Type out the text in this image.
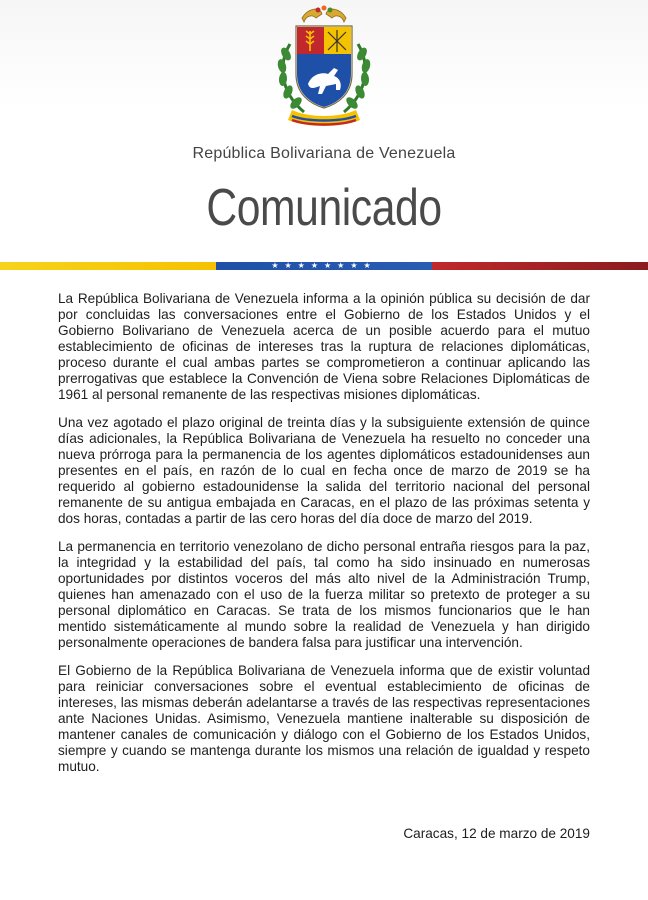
República Bolivariana de Venezuela
Comunicado
★★★★★★★★

La República Bolivariana de Venezuela informa a la opinión pública su decisión de dar por concluidas las conversaciones entre el Gobierno de los Estados Unidos y el Gobierno Bolivariano de Venezuela acerca de un posible acuerdo para el mutuo establecimiento de oficinas de intereses tras la ruptura de relaciones diplomáticas, proceso durante el cual ambas partes se comprometieron a continuar aplicando las prerrogativas que establece la Convención de Viena sobre Relaciones Diplomáticas de 1961 al personal remanente de las respectivas misiones diplomáticas.

Una vez agotado el plazo original de treinta días y la subsiguiente extensión de quince días adicionales, la República Bolivariana de Venezuela ha resuelto no conceder una nueva prórroga para la permanencia de los agentes diplomáticos estadounidenses aun presentes en el país, en razón de lo cual en fecha once de marzo de 2019 se ha requerido al gobierno estadounidense la salida del territorio nacional del personal remanente de su antigua embajada en Caracas, en el plazo de las próximas setenta y dos horas, contadas a partir de las cero horas del día doce de marzo del 2019.

La permanencia en territorio venezolano de dicho personal entraña riesgos para la paz, la integridad y la estabilidad del país, tal como ha sido insinuado en numerosas oportunidades por distintos voceros del más alto nivel de la Administración Trump, quienes han amenazado con el uso de la fuerza militar so pretexto de proteger a su personal diplomático en Caracas. Se trata de los mismos funcionarios que le han mentido sistemáticamente al mundo sobre la realidad de Venezuela y han dirigido personalmente operaciones de bandera falsa para justificar una intervención.

El Gobierno de la República Bolivariana de Venezuela informa que de existir voluntad para reiniciar conversaciones sobre el eventual establecimiento de oficinas de intereses, las mismas deberán adelantarse a través de las respectivas representaciones ante Naciones Unidas. Asimismo, Venezuela mantiene inalterable su disposición de mantener canales de comunicación y diálogo con el Gobierno de los Estados Unidos, siempre y cuando se mantenga durante los mismos una relación de igualdad y respeto mutuo.

Caracas, 12 de marzo de 2019
